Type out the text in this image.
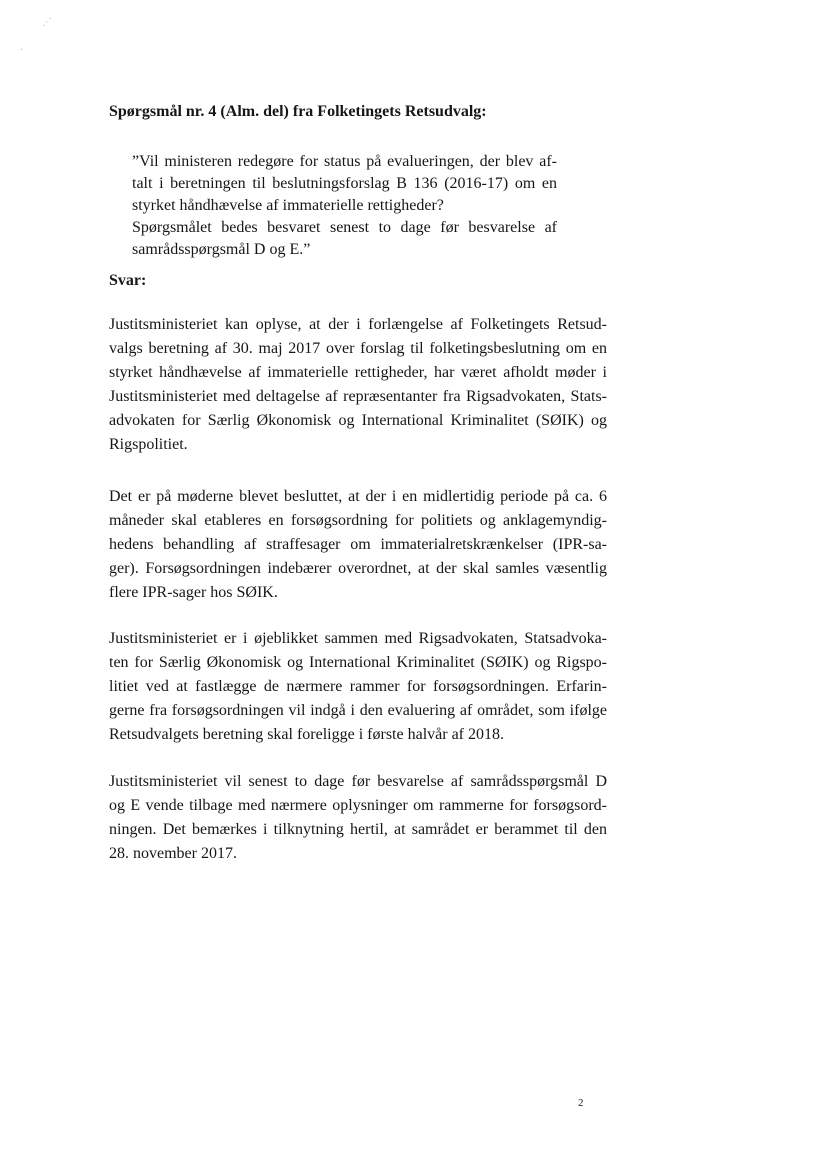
⋰
·
Spørgsmål nr. 4 (Alm. del) fra Folketingets Retsudvalg:
”Vil ministeren redegøre for status på evalueringen, der blev af-
talt i beretningen til beslutningsforslag B 136 (2016-17) om en
styrket håndhævelse af immaterielle rettigheder?
Spørgsmålet bedes besvaret senest to dage før besvarelse af
samrådsspørgsmål D og E.”
Svar:
Justitsministeriet kan oplyse, at der i forlængelse af Folketingets Retsud-
valgs beretning af 30. maj 2017 over forslag til folketingsbeslutning om en
styrket håndhævelse af immaterielle rettigheder, har været afholdt møder i
Justitsministeriet med deltagelse af repræsentanter fra Rigsadvokaten, Stats-
advokaten for Særlig Økonomisk og International Kriminalitet (SØIK) og
Rigspolitiet.
Det er på møderne blevet besluttet, at der i en midlertidig periode på ca. 6
måneder skal etableres en forsøgsordning for politiets og anklagemyndig-
hedens behandling af straffesager om immaterialretskrænkelser (IPR-sa-
ger). Forsøgsordningen indebærer overordnet, at der skal samles væsentlig
flere IPR-sager hos SØIK.
Justitsministeriet er i øjeblikket sammen med Rigsadvokaten, Statsadvoka-
ten for Særlig Økonomisk og International Kriminalitet (SØIK) og Rigspo-
litiet ved at fastlægge de nærmere rammer for forsøgsordningen. Erfarin-
gerne fra forsøgsordningen vil indgå i den evaluering af området, som ifølge
Retsudvalgets beretning skal foreligge i første halvår af 2018.
Justitsministeriet vil senest to dage før besvarelse af samrådsspørgsmål D
og E vende tilbage med nærmere oplysninger om rammerne for forsøgsord-
ningen. Det bemærkes i tilknytning hertil, at samrådet er berammet til den
28. november 2017.

2
